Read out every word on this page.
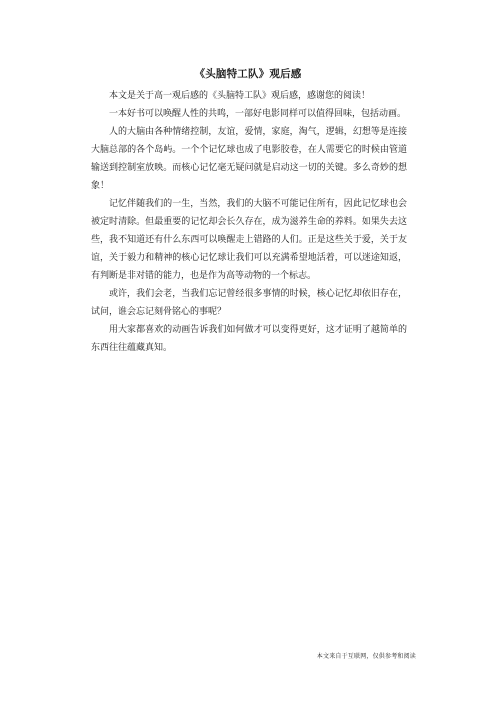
《头脑特工队》观后感

本文是关于高一观后感的《头脑特工队》观后感，感谢您的阅读！

一本好书可以唤醒人性的共鸣，一部好电影同样可以值得回味，包括动画。

人的大脑由各种情绪控制，友谊，爱情，家庭，淘气，逻辑，幻想等是连接大脑总部的各个岛屿。一个个记忆球也成了电影胶卷，在人需要它的时候由管道输送到控制室放映。而核心记忆毫无疑问就是启动这一切的关键。多么奇妙的想象！

记忆伴随我们的一生，当然，我们的大脑不可能记住所有，因此记忆球也会被定时清除。但最重要的记忆却会长久存在，成为滋养生命的养料。如果失去这些，我不知道还有什么东西可以唤醒走上错路的人们。正是这些关于爱，关于友谊，关于毅力和精神的核心记忆球让我们可以充满希望地活着，可以迷途知返，有判断是非对错的能力，也是作为高等动物的一个标志。

或许，我们会老，当我们忘记曾经很多事情的时候，核心记忆却依旧存在，试问，谁会忘记刻骨铭心的事呢？

用大家都喜欢的动画告诉我们如何做才可以变得更好，这才证明了越简单的东西往往蕴藏真知。

本文来自于互联网，仅供参考和阅读
